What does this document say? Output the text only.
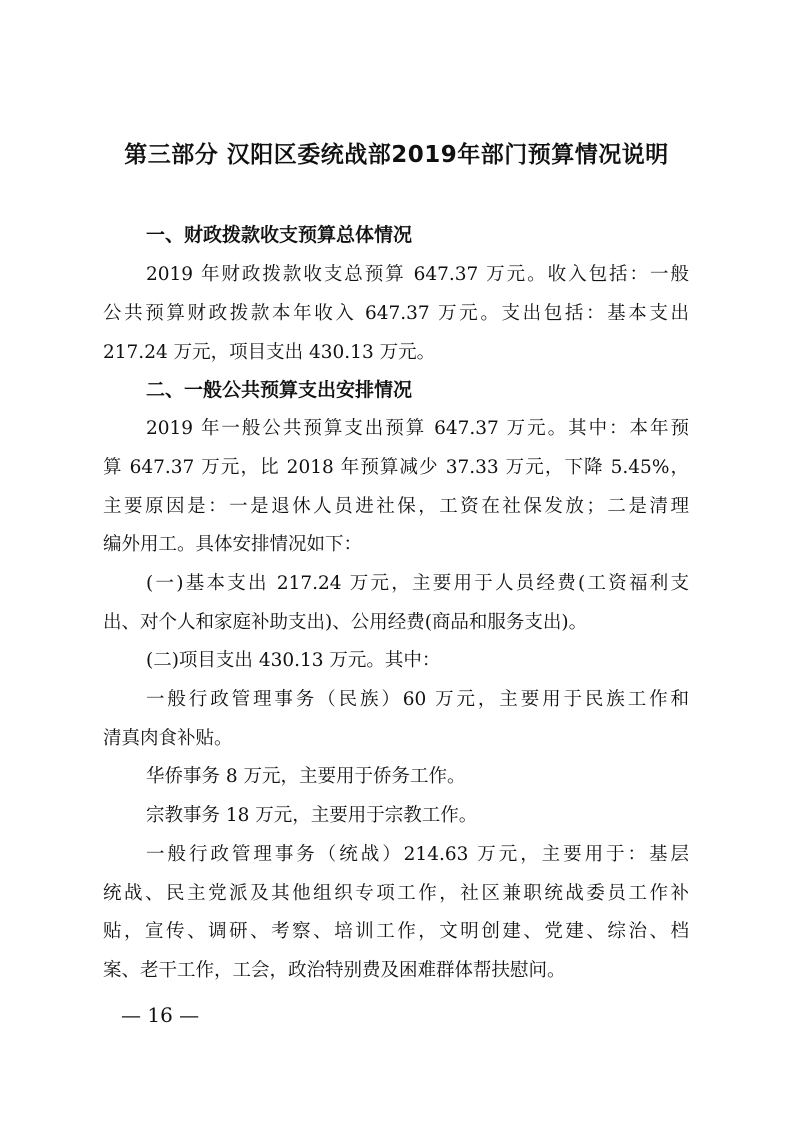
第三部分 汉阳区委统战部2019年部门预算情况说明
一、财政拨款收支预算总体情况

2019 年财政拨款收支总预算 647.37 万元。收入包括：一般

公共预算财政拨款本年收入 647.37 万元。支出包括：基本支出

217.24 万元，项目支出 430.13 万元。

二、一般公共预算支出安排情况

2019 年一般公共预算支出预算 647.37 万元。其中：本年预

算 647.37 万元，比 2018 年预算减少 37.33 万元，下降 5.45%，

主要原因是：一是退休人员进社保，工资在社保发放；二是清理

编外用工。具体安排情况如下：

(一)基本支出 217.24 万元，主要用于人员经费(工资福利支

出、对个人和家庭补助支出)、公用经费(商品和服务支出)。

(二)项目支出 430.13 万元。其中：

一般行政管理事务（民族）60 万元，主要用于民族工作和

清真肉食补贴。

华侨事务 8 万元，主要用于侨务工作。

宗教事务 18 万元，主要用于宗教工作。

一般行政管理事务（统战）214.63 万元，主要用于：基层

统战、民主党派及其他组织专项工作，社区兼职统战委员工作补

贴，宣传、调研、考察、培训工作，文明创建、党建、综治、档

案、老干工作，工会，政治特别费及困难群体帮扶慰问。

— 16 —
